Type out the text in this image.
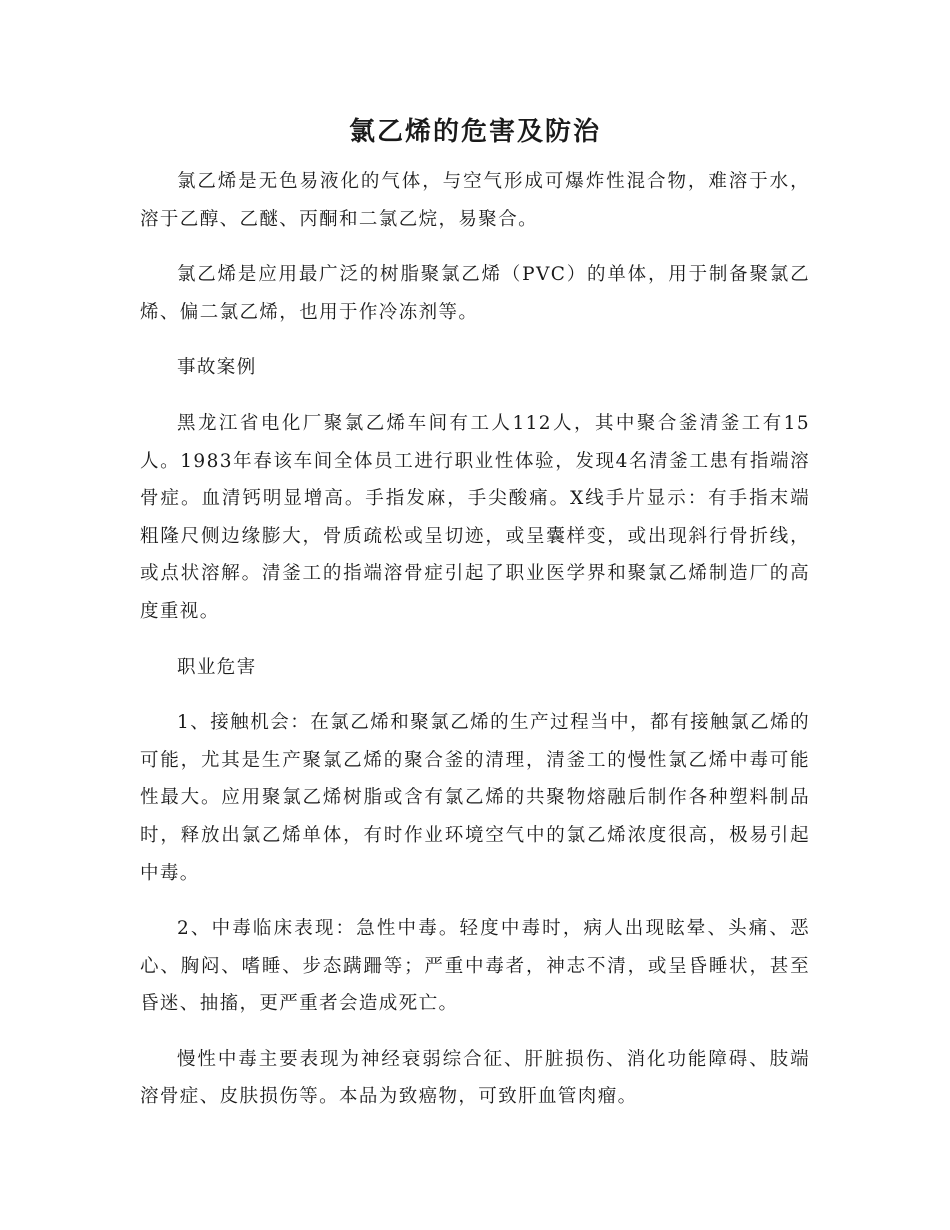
氯乙烯的危害及防治

氯乙烯是无色易液化的气体，与空气形成可爆炸性混合物，难溶于水，溶于乙醇、乙醚、丙酮和二氯乙烷，易聚合。

氯乙烯是应用最广泛的树脂聚氯乙烯（PVC）的单体，用于制备聚氯乙烯、偏二氯乙烯，也用于作冷冻剂等。

事故案例

黑龙江省电化厂聚氯乙烯车间有工人112人，其中聚合釜清釜工有15人。1983年春该车间全体员工进行职业性体验，发现4名清釜工患有指端溶骨症。血清钙明显增高。手指发麻，手尖酸痛。X线手片显示：有手指末端粗隆尺侧边缘膨大，骨质疏松或呈切迹，或呈囊样变，或出现斜行骨折线，或点状溶解。清釜工的指端溶骨症引起了职业医学界和聚氯乙烯制造厂的高度重视。

职业危害

1、接触机会：在氯乙烯和聚氯乙烯的生产过程当中，都有接触氯乙烯的可能，尤其是生产聚氯乙烯的聚合釜的清理，清釜工的慢性氯乙烯中毒可能性最大。应用聚氯乙烯树脂或含有氯乙烯的共聚物熔融后制作各种塑料制品时，释放出氯乙烯单体，有时作业环境空气中的氯乙烯浓度很高，极易引起中毒。

2、中毒临床表现：急性中毒。轻度中毒时，病人出现眩晕、头痛、恶心、胸闷、嗜睡、步态蹒跚等；严重中毒者，神志不清，或呈昏睡状，甚至昏迷、抽搐，更严重者会造成死亡。

慢性中毒主要表现为神经衰弱综合征、肝脏损伤、消化功能障碍、肢端溶骨症、皮肤损伤等。本品为致癌物，可致肝血管肉瘤。
